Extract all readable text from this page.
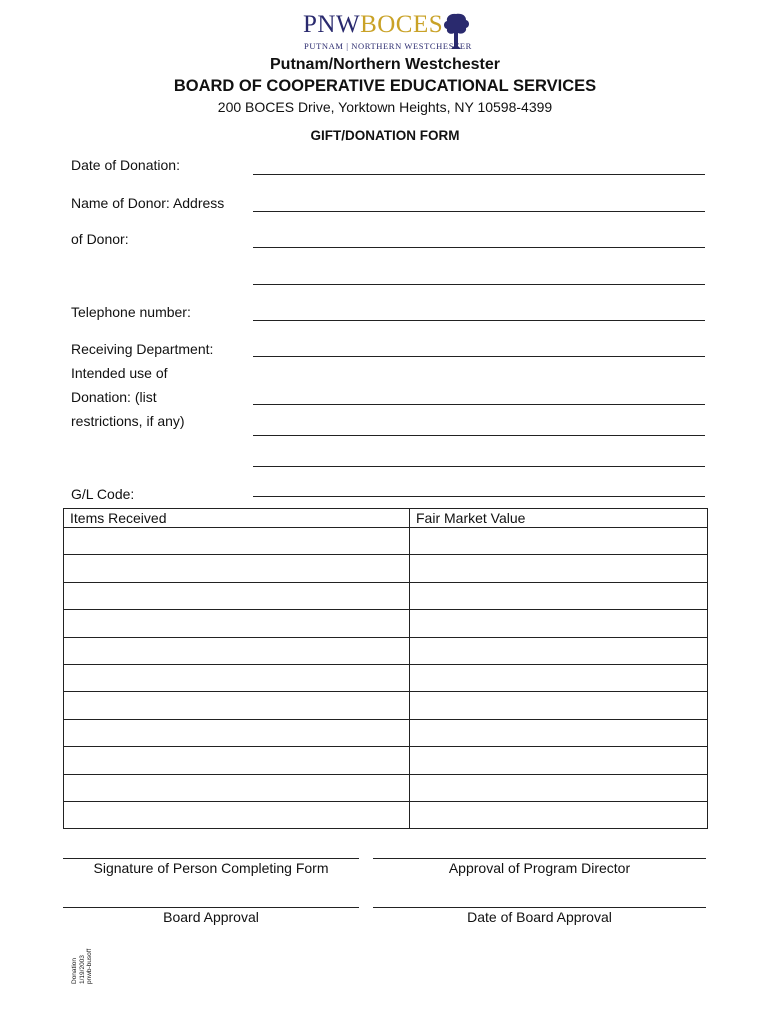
PNWBOCES
PUTNAM | NORTHERN WESTCHESTER
Putnam/Northern Westchester
BOARD OF COOPERATIVE EDUCATIONAL SERVICES
200 BOCES Drive, Yorktown Heights, NY 10598-4399
GIFT/DONATION FORM
Date of Donation:
Name of Donor: Address
of Donor:
Telephone number:
Receiving Department:
Intended use of
Donation: (list
restrictions, if any)
G/L Code:
Items Received	Fair Market Value

Signature of Person Completing Form	Approval of Program Director
Board Approval	Date of Board Approval
Donation 1/19/2003 pnwb-busoff
